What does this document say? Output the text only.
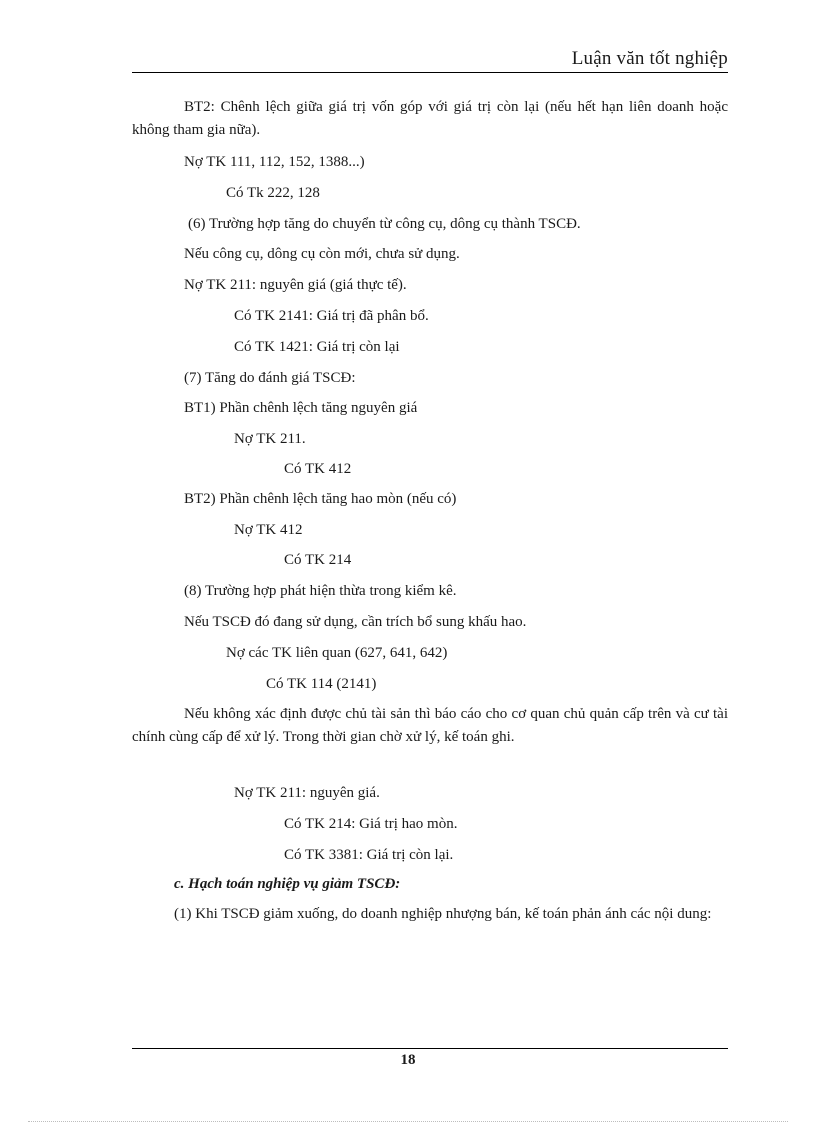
Luận văn tốt nghiệp
BT2: Chênh lệch giữa giá trị vốn góp với giá trị còn lại (nếu hết hạn liên doanh hoặc không tham gia nữa).
Nợ TK 111, 112, 152, 1388...)
Có Tk 222, 128
(6) Trường hợp tăng do chuyển từ công cụ, dông cụ thành TSCĐ.
Nếu công cụ, dông cụ còn mới, chưa sử dụng.
Nợ TK 211: nguyên giá (giá thực tế).
Có TK 2141: Giá trị đã phân bổ.
Có TK 1421: Giá trị còn lại
(7) Tăng do đánh giá TSCĐ:
BT1) Phần chênh lệch tăng nguyên giá
Nợ TK 211.
Có TK 412
BT2) Phần chênh lệch tăng hao mòn (nếu có)
Nợ TK 412
Có TK 214
(8) Trường hợp phát hiện thừa trong kiểm kê.
Nếu TSCĐ đó đang sử dụng, cần trích bổ sung khấu hao.
Nợ các TK liên quan (627, 641, 642)
Có TK 114 (2141)
Nếu không xác định được chủ tài sản thì báo cáo cho cơ quan chủ quản cấp trên và cư tài chính cùng cấp để xử lý. Trong thời gian chờ xử lý, kế toán ghi.
Nợ TK 211: nguyên giá.
Có TK 214: Giá trị hao mòn.
Có TK 3381: Giá trị còn lại.
c. Hạch toán nghiệp vụ giảm TSCĐ:
(1) Khi TSCĐ giảm xuống, do doanh nghiệp nhượng bán, kế toán phản ánh các nội dung:
18
